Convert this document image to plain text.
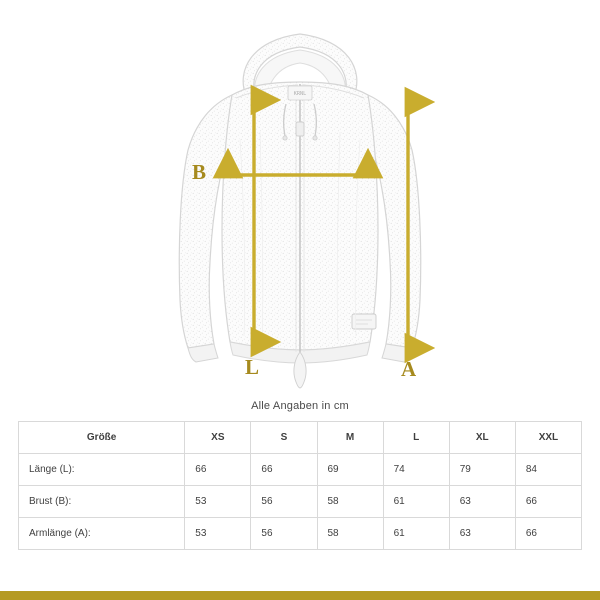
KRNL
B
L	A
Alle Angaben in cm
Größe	XS	S	M	L	XL	XXL
Länge (L):	66	66	69	74	79	84
Brust (B):	53	56	58	61	63	66
Armlänge (A):	53	56	58	61	63	66
